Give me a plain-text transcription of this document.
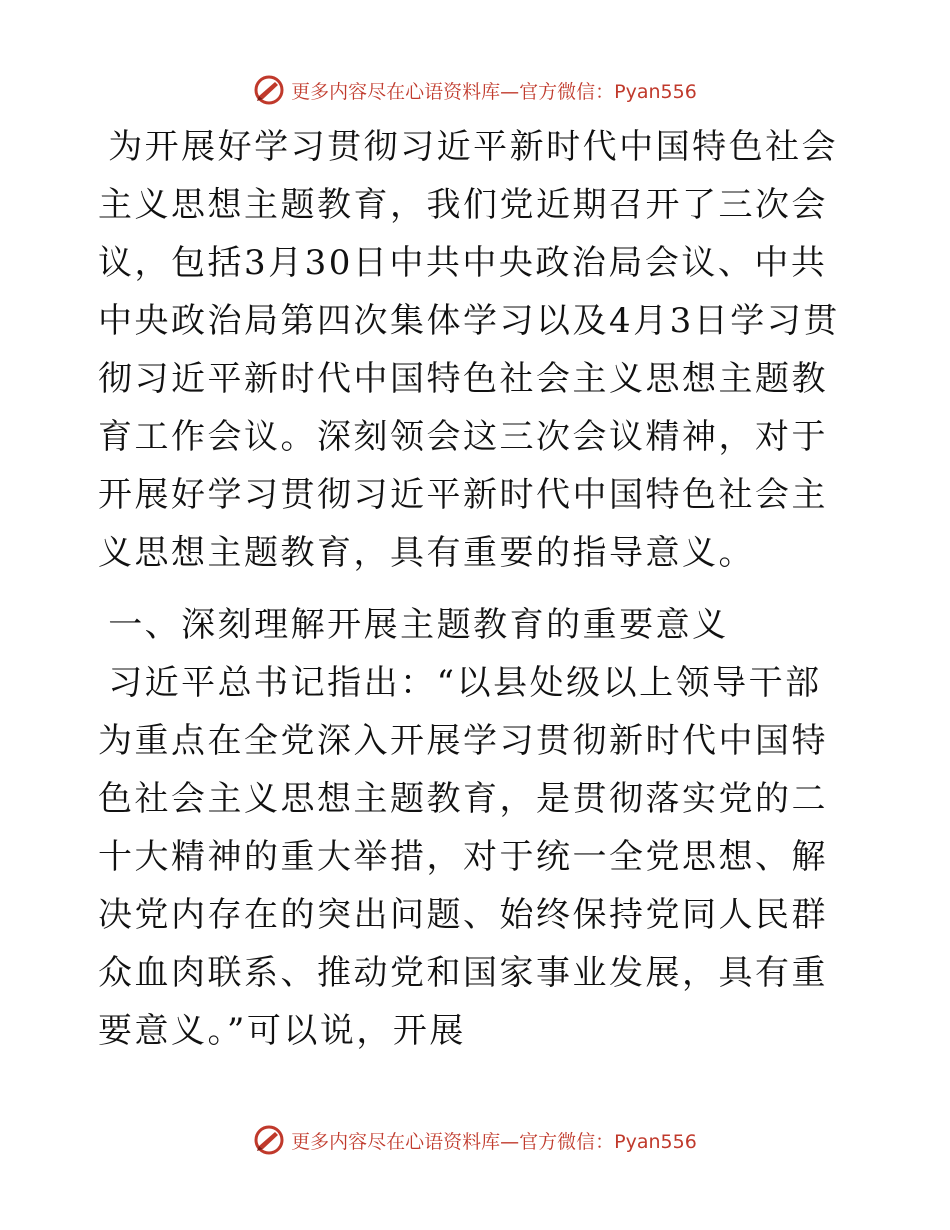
更多内容尽在心语资料库—官方微信：Pyan556

为开展好学习贯彻习近平新时代中国特色社会主义思想主题教育，我们党近期召开了三次会议，包括3月30日中共中央政治局会议、中共中央政治局第四次集体学习以及4月3日学习贯彻习近平新时代中国特色社会主义思想主题教育工作会议。深刻领会这三次会议精神，对于开展好学习贯彻习近平新时代中国特色社会主义思想主题教育，具有重要的指导意义。

一、深刻理解开展主题教育的重要意义

习近平总书记指出：“以县处级以上领导干部为重点在全党深入开展学习贯彻新时代中国特色社会主义思想主题教育，是贯彻落实党的二十大精神的重大举措，对于统一全党思想、解决党内存在的突出问题、始终保持党同人民群众血肉联系、推动党和国家事业发展，具有重要意义。”可以说，开展

更多内容尽在心语资料库—官方微信：Pyan556
